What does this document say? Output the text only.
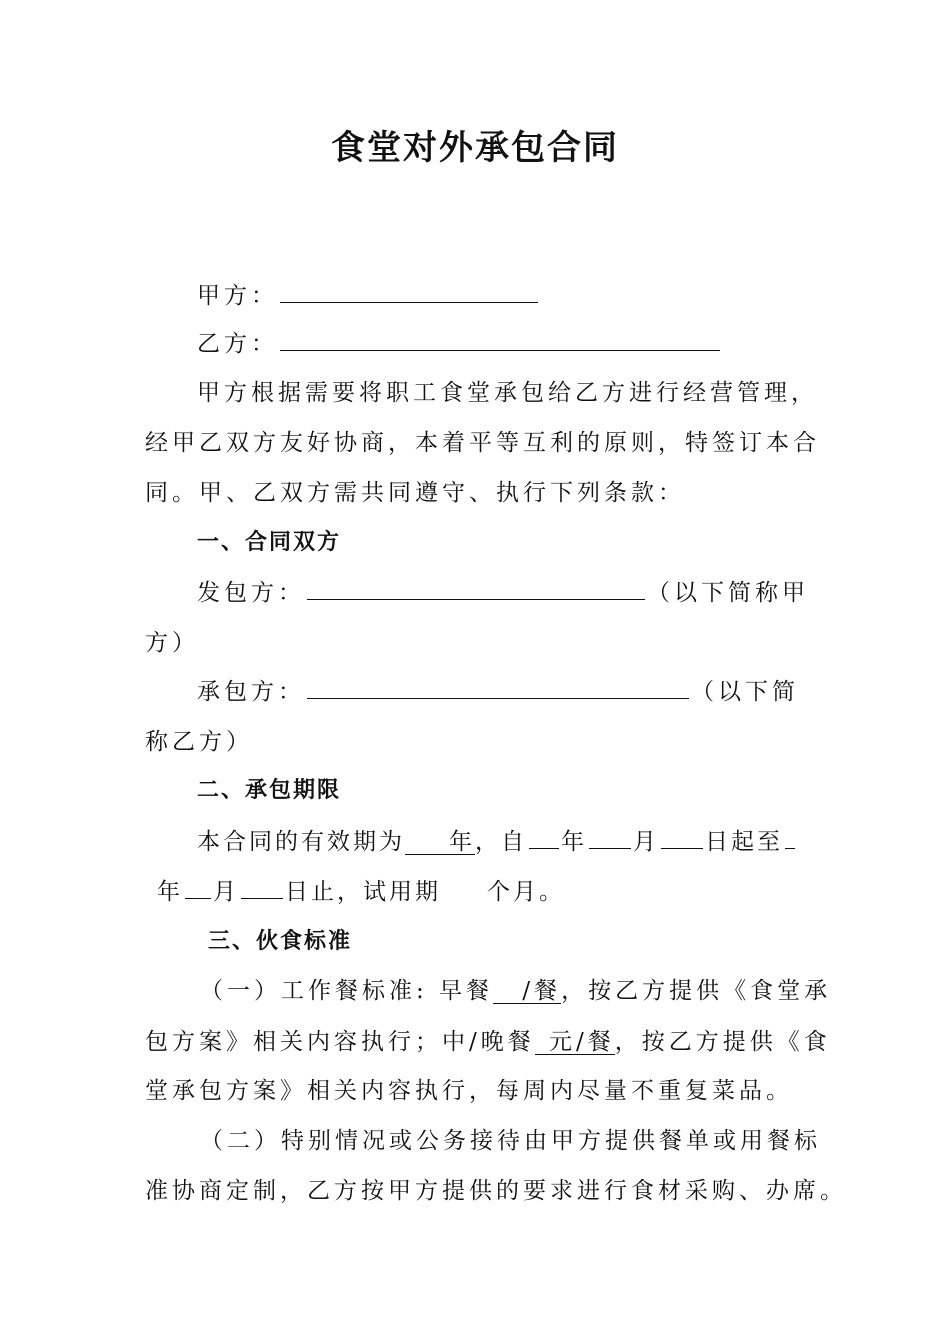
食堂对外承包合同
甲方：
乙方：
甲方根据需要将职工食堂承包给乙方进行经营管理，
经甲乙双方友好协商，本着平等互利的原则，特签订本合
同。甲、乙双方需共同遵守、执行下列条款：
一、合同双方
发包方：	（以下简称甲
方）
承包方：	（以下简
称乙方）
二、承包期限
本合同的有效期为 年，自 年 月 日起至
年 月 日止，试用期 个月。
三、伙食标准
（一）工作餐标准: 早餐 /餐，按乙方提供《食堂承
包方案》相关内容执行；中/晚餐 元/餐，按乙方提供《食
堂承包方案》相关内容执行，每周内尽量不重复菜品。
（二）特别情况或公务接待由甲方提供餐单或用餐标
准协商定制，乙方按甲方提供的要求进行食材采购、办席。
